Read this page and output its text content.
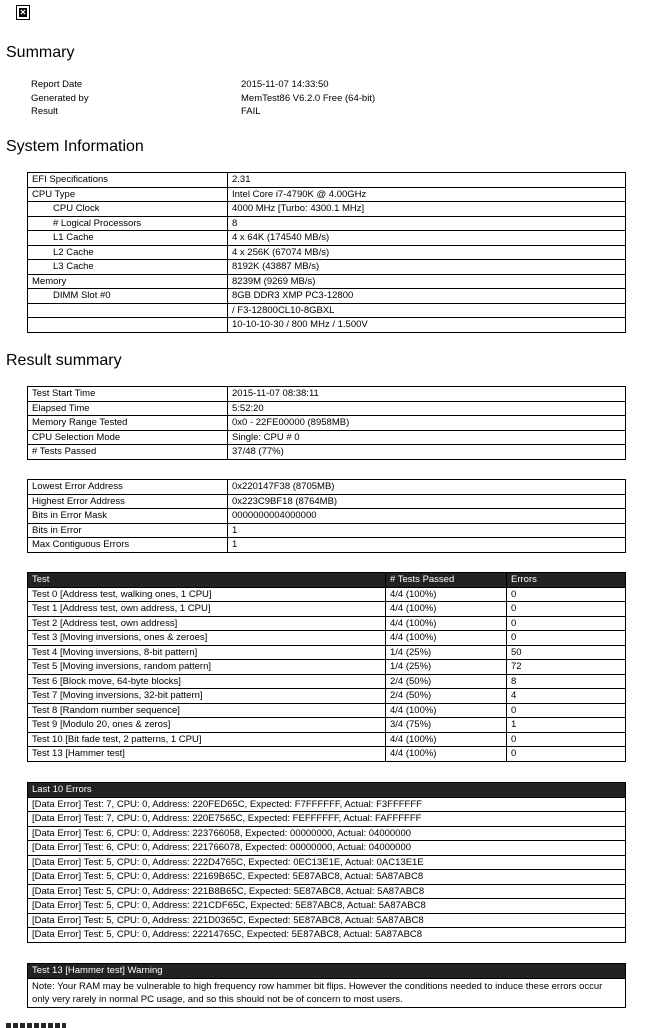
✕
Summary
Report Date	2015-11-07 14:33:50
Generated by	MemTest86 V6.2.0 Free (64-bit)
Result	FAIL
System Information
EFI Specifications	2.31
CPU Type	Intel Core i7-4790K @ 4.00GHz
CPU Clock	4000 MHz [Turbo: 4300.1 MHz]
# Logical Processors	8
L1 Cache	4 x 64K (174540 MB/s)
L2 Cache	4 x 256K (67074 MB/s)
L3 Cache	8192K (43887 MB/s)
Memory	8239M (9269 MB/s)
DIMM Slot #0	8GB DDR3 XMP PC3-12800
	/ F3-12800CL10-8GBXL
	10-10-10-30 / 800 MHz / 1.500V
Result summary
Test Start Time	2015-11-07 08:38:11
Elapsed Time	5:52:20
Memory Range Tested	0x0 - 22FE00000 (8958MB)
CPU Selection Mode	Single: CPU # 0
# Tests Passed	37/48 (77%)
Lowest Error Address	0x220147F38 (8705MB)
Highest Error Address	0x223C9BF18 (8764MB)
Bits in Error Mask	0000000004000000
Bits in Error	1
Max Contiguous Errors	1
Test	# Tests Passed	Errors
Test 0 [Address test, walking ones, 1 CPU]	4/4 (100%)	0
Test 1 [Address test, own address, 1 CPU]	4/4 (100%)	0
Test 2 [Address test, own address]	4/4 (100%)	0
Test 3 [Moving inversions, ones & zeroes]	4/4 (100%)	0
Test 4 [Moving inversions, 8-bit pattern]	1/4 (25%)	50
Test 5 [Moving inversions, random pattern]	1/4 (25%)	72
Test 6 [Block move, 64-byte blocks]	2/4 (50%)	8
Test 7 [Moving inversions, 32-bit pattern]	2/4 (50%)	4
Test 8 [Random number sequence]	4/4 (100%)	0
Test 9 [Modulo 20, ones & zeros]	3/4 (75%)	1
Test 10 [Bit fade test, 2 patterns, 1 CPU]	4/4 (100%)	0
Test 13 [Hammer test]	4/4 (100%)	0
Last 10 Errors
[Data Error] Test: 7, CPU: 0, Address: 220FED65C, Expected: F7FFFFFF, Actual: F3FFFFFF
[Data Error] Test: 7, CPU: 0, Address: 220E7565C, Expected: FEFFFFFF, Actual: FAFFFFFF
[Data Error] Test: 6, CPU: 0, Address: 223766058, Expected: 00000000, Actual: 04000000
[Data Error] Test: 6, CPU: 0, Address: 221766078, Expected: 00000000, Actual: 04000000
[Data Error] Test: 5, CPU: 0, Address: 222D4765C, Expected: 0EC13E1E, Actual: 0AC13E1E
[Data Error] Test: 5, CPU: 0, Address: 22169B65C, Expected: 5E87ABC8, Actual: 5A87ABC8
[Data Error] Test: 5, CPU: 0, Address: 221B8B65C, Expected: 5E87ABC8, Actual: 5A87ABC8
[Data Error] Test: 5, CPU: 0, Address: 221CDF65C, Expected: 5E87ABC8, Actual: 5A87ABC8
[Data Error] Test: 5, CPU: 0, Address: 221D0365C, Expected: 5E87ABC8, Actual: 5A87ABC8
[Data Error] Test: 5, CPU: 0, Address: 22214765C, Expected: 5E87ABC8, Actual: 5A87ABC8
Test 13 [Hammer test] Warning
Note: Your RAM may be vulnerable to high frequency row hammer bit flips. However the conditions needed to induce these errors occur only very rarely in normal PC usage, and so this should not be of concern to most users.
